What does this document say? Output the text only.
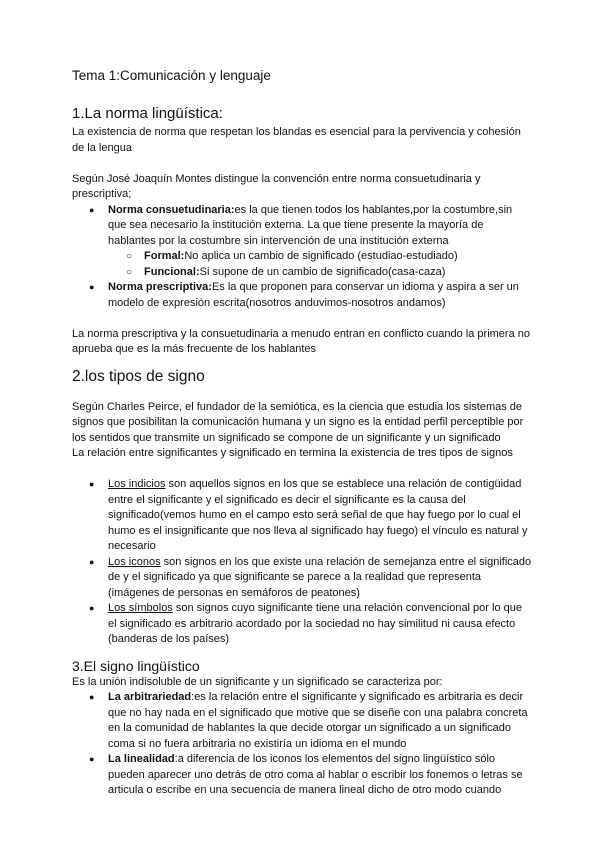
Tema 1:Comunicación y lenguaje
1.La norma lingüística:

La existencia de norma que respetan los blandas es esencial para la pervivencia y cohesión de la lengua

Según José Joaquín Montes distingue la convención entre norma consuetudinaria y prescriptiva;

● Norma consuetudinaria:es la que tienen todos los hablantes,por la costumbre,sin que sea necesario la institución externa. La que tiene presente la mayoría de hablantes por la costumbre sin intervención de una institución externa
○ Formal:No aplica un cambio de significado (estudiao-estudiado)
○ Funcional:Si supone de un cambio de significado(casa-caza)
● Norma prescriptiva:Es la que proponen para conservar un idioma y aspira a ser un modelo de expresión escrita(nosotros anduvimos-nosotros andamos)

La norma prescriptiva y la consuetudinaria a menudo entran en conflicto cuando la primera no aprueba que es la más frecuente de los hablantes

2.los tipos de signo

Según Charles Peirce, el fundador de la semiótica, es la ciencia que estudia los sistemas de signos que posibilitan la comunicación humana y un signo es la entidad perfil perceptible por los sentidos que transmite un significado se compone de un significante y un significado

La relación entre significantes y significado en termina la existencia de tres tipos de signos

● Los indicios son aquellos signos en los que se establece una relación de contigüidad entre el significante y el significado es decir el significante es la causa del significado(vemos humo en el campo esto será señal de que hay fuego por lo cual el humo es el insignificante que nos lleva al significado hay fuego) el vínculo es natural y necesario
● Los iconos son signos en los que existe una relación de semejanza entre el significado de y el significado ya que significante se parece a la realidad que representa (imágenes de personas en semáforos de peatones)
● Los símbolos son signos cuyo significante tiene una relación convencional por lo que el significado es arbitrario acordado por la sociedad no hay similitud ni causa efecto (banderas de los países)
3.El signo lingüístico

Es la unión indisoluble de un significante y un significado se caracteriza por:

● La arbitrariedad:es la relación entre el significante y significado es arbitraria es decir que no hay nada en el significado que motive que se diseñe con una palabra concreta en la comunidad de hablantes la que decide otorgar un significado a un significado coma si no fuera arbitraria no existiría un idioma en el mundo
● La linealidad:a diferencia de los iconos los elementos del signo lingüístico sólo pueden aparecer uno detrás de otro coma al hablar o escribir los fonemos o letras se articula o escribe en una secuencia de manera lineal dicho de otro modo cuando
